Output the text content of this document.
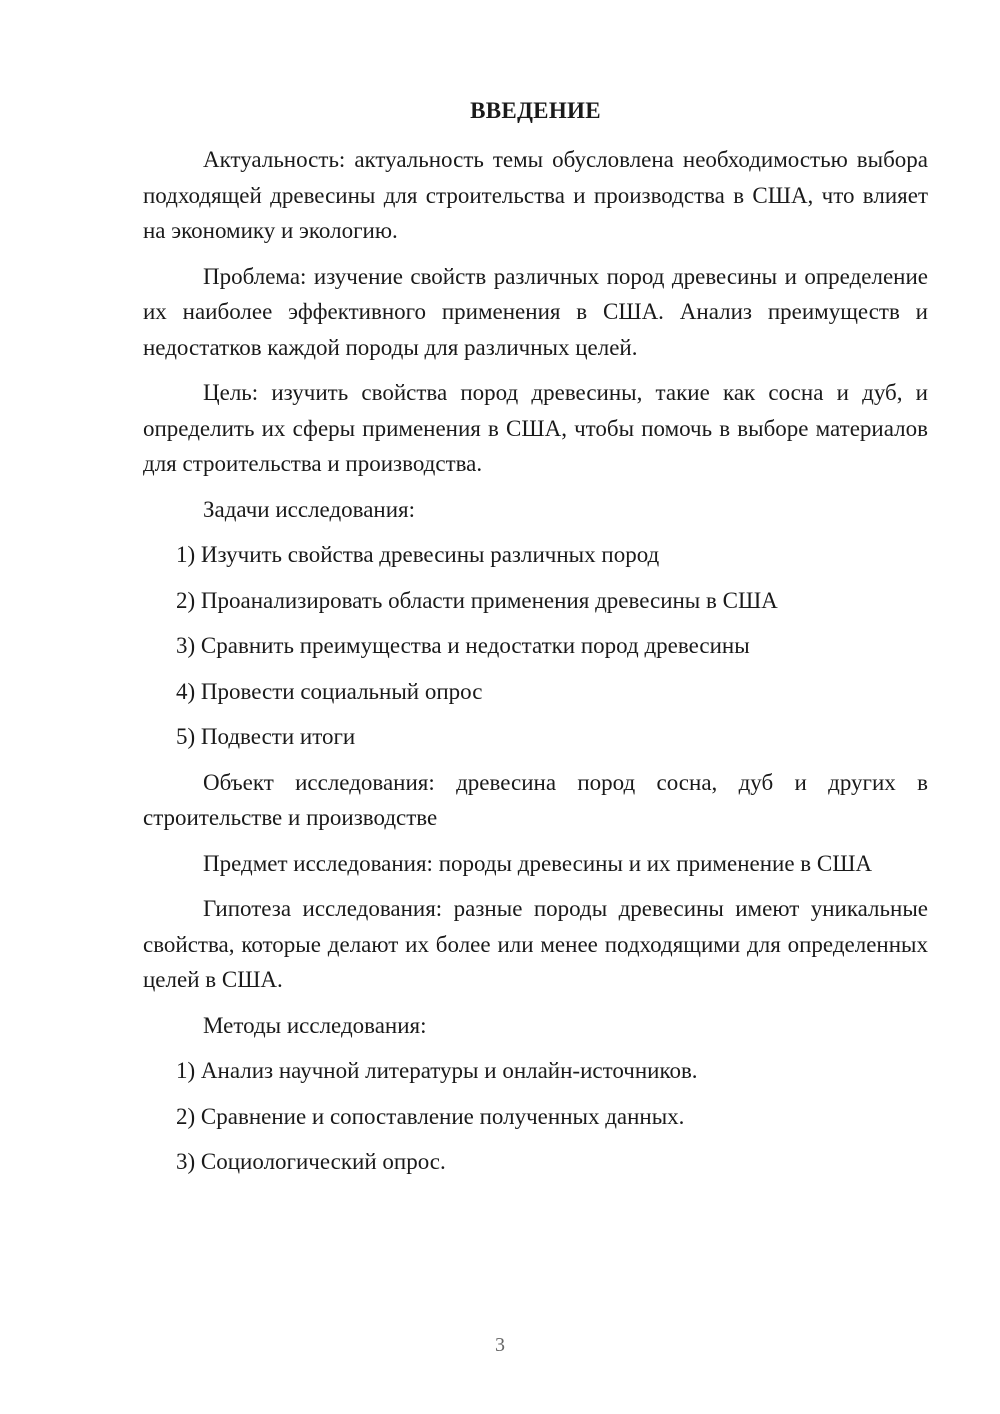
ВВЕДЕНИЕ

Актуальность: актуальность темы обусловлена необходимостью выбора подходящей древесины для строительства и производства в США, что влияет на экономику и экологию.

Проблема: изучение свойств различных пород древесины и определение их наиболее эффективного применения в США. Анализ преимуществ и недостатков каждой породы для различных целей.

Цель: изучить свойства пород древесины, такие как сосна и дуб, и определить их сферы применения в США, чтобы помочь в выборе материалов для строительства и производства.

Задачи исследования:

1) Изучить свойства древесины различных пород

2) Проанализировать области применения древесины в США

3) Сравнить преимущества и недостатки пород древесины

4) Провести социальный опрос

5) Подвести итоги

Объект исследования: древесина пород сосна, дуб и других в строительстве и производстве

Предмет исследования: породы древесины и их применение в США

Гипотеза исследования: разные породы древесины имеют уникальные свойства, которые делают их более или менее подходящими для определенных целей в США.

Методы исследования:

1) Анализ научной литературы и онлайн-источников.

2) Сравнение и сопоставление полученных данных.

3) Социологический опрос.

3
